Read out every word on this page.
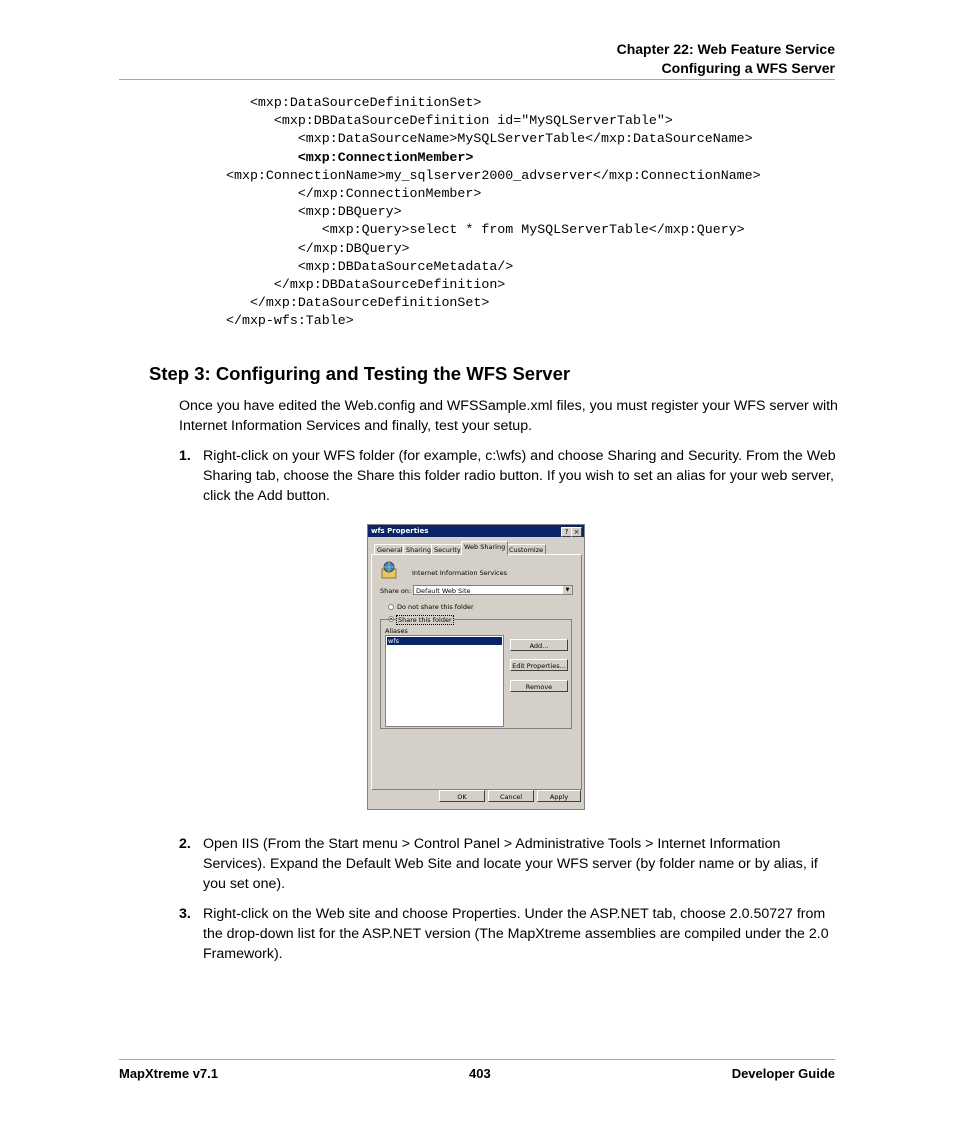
Chapter 22: Web Feature Service
Configuring a WFS Server
<mxp:DataSourceDefinitionSet>
<mxp:DBDataSourceDefinition id="MySQLServerTable">
<mxp:DataSourceName>MySQLServerTable</mxp:DataSourceName>
<mxp:ConnectionMember>
<mxp:ConnectionName>my_sqlserver2000_advserver</mxp:ConnectionName>
</mxp:ConnectionMember>
<mxp:DBQuery>
<mxp:Query>select * from MySQLServerTable</mxp:Query>
</mxp:DBQuery>
<mxp:DBDataSourceMetadata/>
</mxp:DBDataSourceDefinition>
</mxp:DataSourceDefinitionSet>
</mxp-wfs:Table>
Step 3: Configuring and Testing the WFS Server
Once you have edited the Web.config and WFSSample.xml files, you must register your WFS server with Internet Information Services and finally, test your setup.
1. Right-click on your WFS folder (for example, c:\wfs) and choose Sharing and Security. From the Web Sharing tab, choose the Share this folder radio button. If you wish to set an alias for your web server, click the Add button.
wfs Properties	? ×
General Sharing Security Web Sharing Customize
Internet Information Services
Share on: Default Web Site	▼
Do not share this folder
Share this folder
Aliases
wfs
Add...
Edit Properties...
Remove
OK	Cancel	Apply
2. Open IIS (From the Start menu > Control Panel > Administrative Tools > Internet Information Services). Expand the Default Web Site and locate your WFS server (by folder name or by alias, if you set one).
3. Right-click on the Web site and choose Properties. Under the ASP.NET tab, choose 2.0.50727 from the drop-down list for the ASP.NET version (The MapXtreme assemblies are compiled under the 2.0 Framework).
MapXtreme v7.1	403	Developer Guide
